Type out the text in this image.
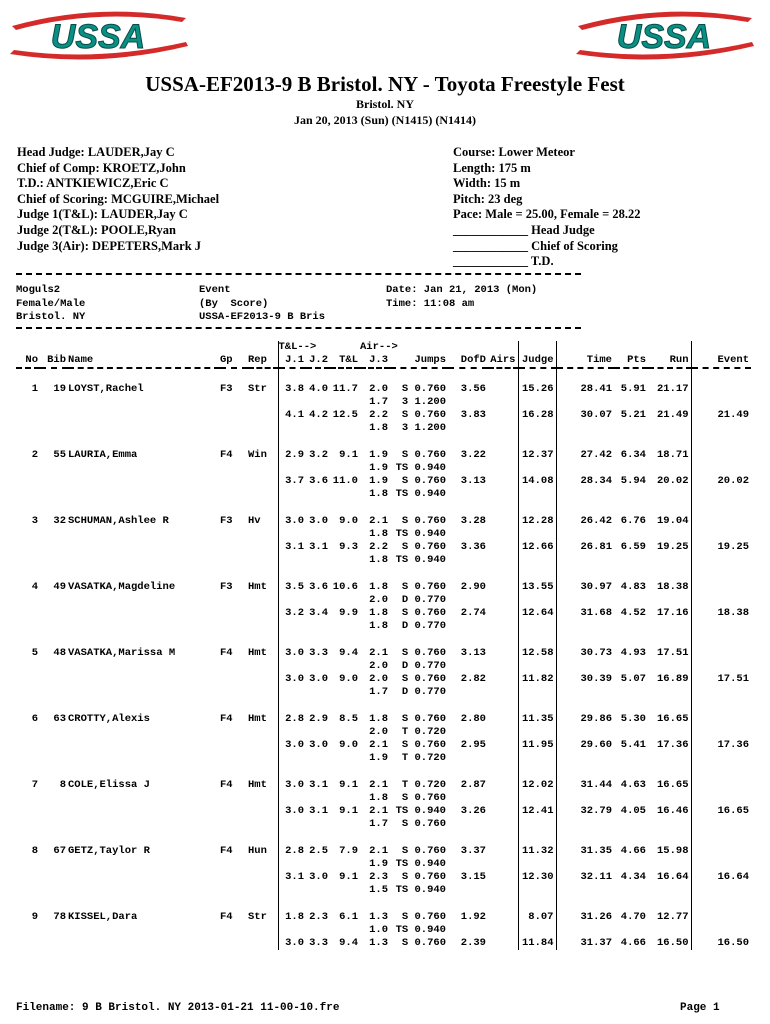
USSA	USSA
USSA-EF2013-9 B Bristol. NY - Toyota Freestyle Fest
Bristol. NY
Jan 20, 2013 (Sun) (N1415) (N1414)
Head Judge: LAUDER,Jay C
Chief of Comp: KROETZ,John
T.D.: ANTKIEWICZ,Eric C
Chief of Scoring: MCGUIRE,Michael
Judge 1(T&L): LAUDER,Jay C
Judge 2(T&L): POOLE,Ryan
Judge 3(Air): DEPETERS,Mark J
Course: Lower Meteor
Length: 175 m
Width: 15 m
Pitch: 23 deg
Pace: Male = 25.00, Female = 28.22
____________ Head Judge
____________ Chief of Scoring
____________ T.D.
Moguls2
Female/Male
Bristol. NY
Event
(By  Score)
USSA-EF2013-9 B Bris
Date: Jan 21, 2013 (Mon)
Time: 11:08 am
					T&L-->			Air-->								
No	Bib	Name	Gp	Rep	J.1	J.2	T&L	J.3	Jumps	DofD	Airs	Judge	Time	Pts	Run	Event

1	19	LOYST,Rachel	F3	Str	3.8	4.0	11.7	2.0	S 0.760	3.56		15.26	28.41	5.91	21.17	
								1.7	3 1.200							
					4.1	4.2	12.5	2.2	S 0.760	3.83		16.28	30.07	5.21	21.49	21.49
								1.8	3 1.200							

2	55	LAURIA,Emma	F4	Win	2.9	3.2	9.1	1.9	S 0.760	3.22		12.37	27.42	6.34	18.71	
								1.9	TS 0.940							
					3.7	3.6	11.0	1.9	S 0.760	3.13		14.08	28.34	5.94	20.02	20.02
								1.8	TS 0.940							

3	32	SCHUMAN,Ashlee R	F3	Hv	3.0	3.0	9.0	2.1	S 0.760	3.28		12.28	26.42	6.76	19.04	
								1.8	TS 0.940							
					3.1	3.1	9.3	2.2	S 0.760	3.36		12.66	26.81	6.59	19.25	19.25
								1.8	TS 0.940							

4	49	VASATKA,Magdeline	F3	Hmt	3.5	3.6	10.6	1.8	S 0.760	2.90		13.55	30.97	4.83	18.38	
								2.0	D 0.770							
					3.2	3.4	9.9	1.8	S 0.760	2.74		12.64	31.68	4.52	17.16	18.38
								1.8	D 0.770							

5	48	VASATKA,Marissa M	F4	Hmt	3.0	3.3	9.4	2.1	S 0.760	3.13		12.58	30.73	4.93	17.51	
								2.0	D 0.770							
					3.0	3.0	9.0	2.0	S 0.760	2.82		11.82	30.39	5.07	16.89	17.51
								1.7	D 0.770							

6	63	CROTTY,Alexis	F4	Hmt	2.8	2.9	8.5	1.8	S 0.760	2.80		11.35	29.86	5.30	16.65	
								2.0	T 0.720							
					3.0	3.0	9.0	2.1	S 0.760	2.95		11.95	29.60	5.41	17.36	17.36
								1.9	T 0.720							

7	8	COLE,Elissa J	F4	Hmt	3.0	3.1	9.1	2.1	T 0.720	2.87		12.02	31.44	4.63	16.65	
								1.8	S 0.760							
					3.0	3.1	9.1	2.1	TS 0.940	3.26		12.41	32.79	4.05	16.46	16.65
								1.7	S 0.760							

8	67	GETZ,Taylor R	F4	Hun	2.8	2.5	7.9	2.1	S 0.760	3.37		11.32	31.35	4.66	15.98	
								1.9	TS 0.940							
					3.1	3.0	9.1	2.3	S 0.760	3.15		12.30	32.11	4.34	16.64	16.64
								1.5	TS 0.940							

9	78	KISSEL,Dara	F4	Str	1.8	2.3	6.1	1.3	S 0.760	1.92		8.07	31.26	4.70	12.77	
								1.0	TS 0.940							
					3.0	3.3	9.4	1.3	S 0.760	2.39		11.84	31.37	4.66	16.50	16.50
Filename: 9 B Bristol. NY 2013-01-21 11-00-10.fre	Page 1
